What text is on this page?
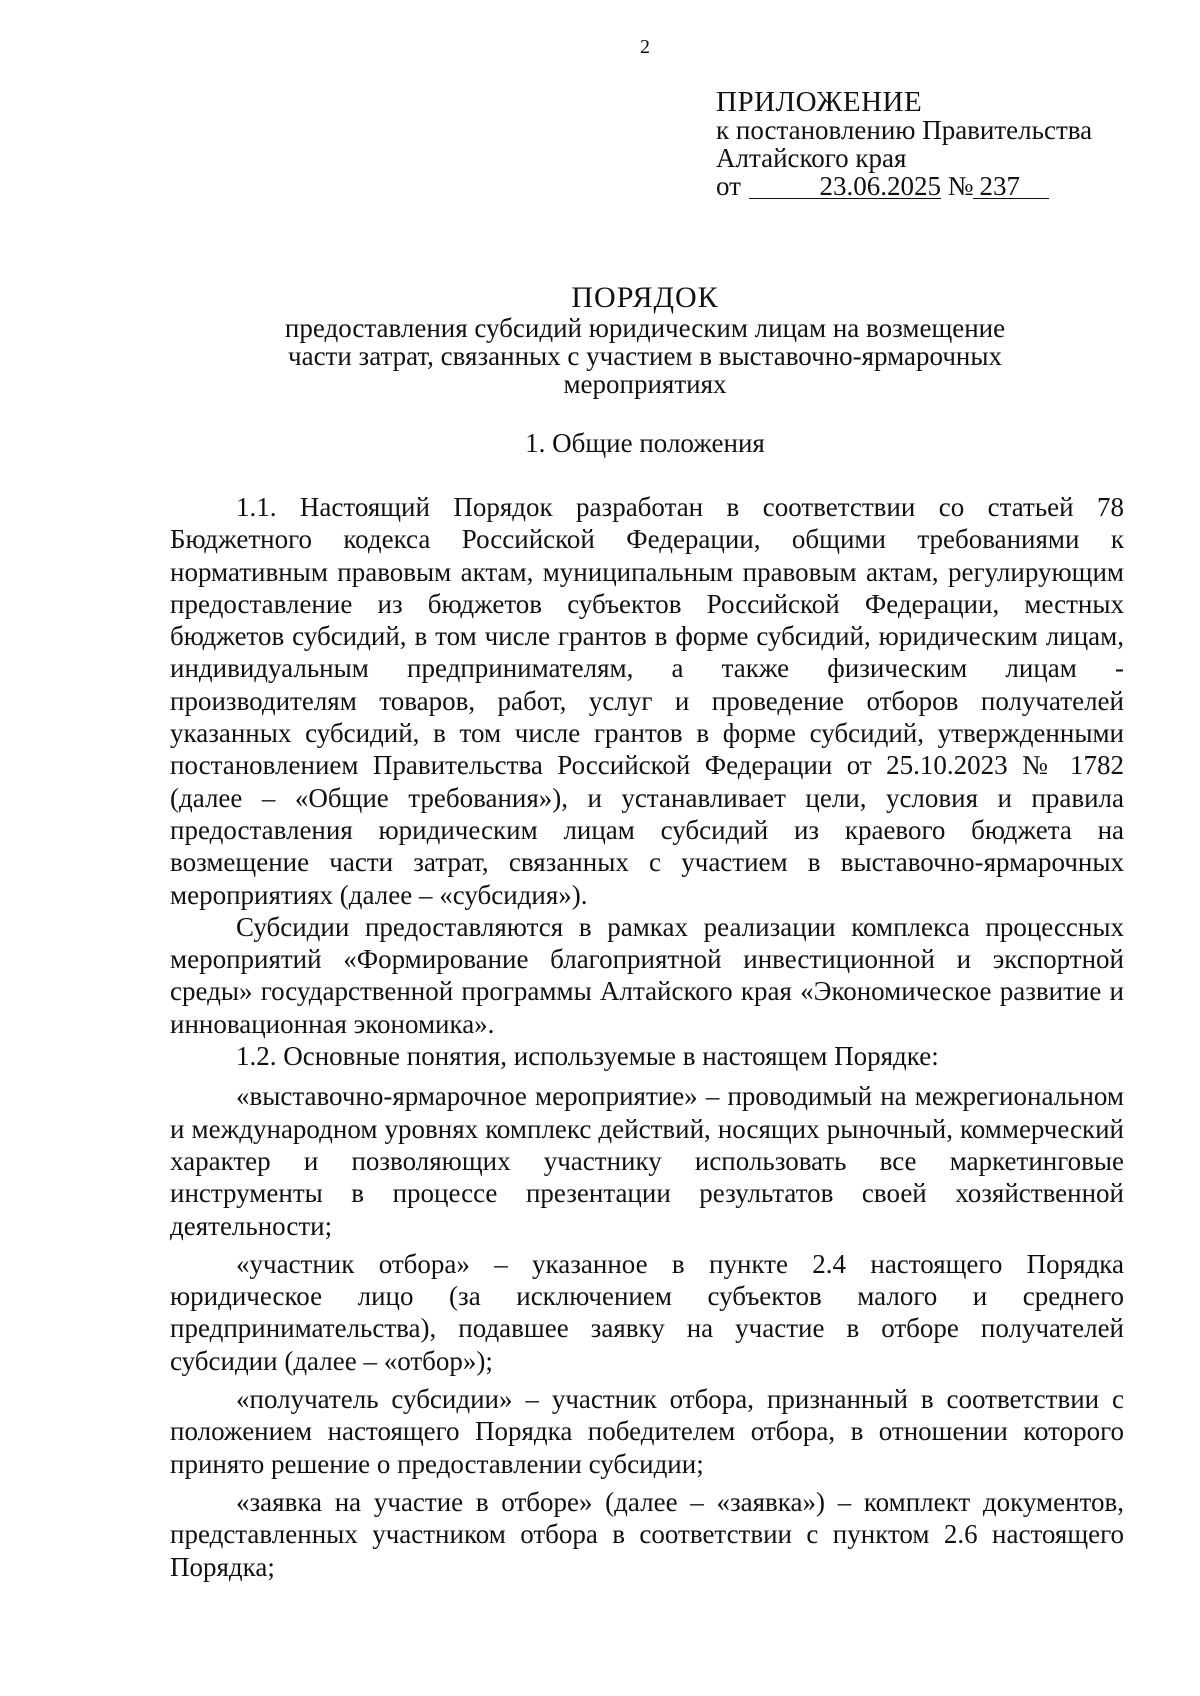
2
ПРИЛОЖЕНИЕ
к постановлению Правительства
Алтайского края
от	23.06.2025 № 237
ПОРЯДОК
предоставления субсидий юридическим лицам на возмещение
части затрат, связанных с участием в выставочно-ярмарочных
мероприятиях
1. Общие положения

1.1. Настоящий Порядок разработан в соответствии со статьей 78 Бюджетного кодекса Российской Федерации, общими требованиями к нормативным правовым актам, муниципальным правовым актам, регулирующим предоставление из бюджетов субъектов Российской Федерации, местных бюджетов субсидий, в том числе грантов в форме субсидий, юридическим лицам, индивидуальным предпринимателям, а также физическим лицам - производителям товаров, работ, услуг и проведение отборов получателей указанных субсидий, в том числе грантов в форме субсидий, утвержденными постановлением Правительства Российской Федерации от 25.10.2023 № 1782 (далее – «Общие требования»), и устанавливает цели, условия и правила предоставления юридическим лицам субсидий из краевого бюджета на возмещение части затрат, связанных с участием в выставочно-ярмарочных мероприятиях (далее – «субсидия»).

Субсидии предоставляются в рамках реализации комплекса процессных мероприятий «Формирование благоприятной инвестиционной и экспортной среды» государственной программы Алтайского края «Экономическое развитие и инновационная экономика».

1.2. Основные понятия, используемые в настоящем Порядке:

«выставочно-ярмарочное мероприятие» – проводимый на межрегиональном и международном уровнях комплекс действий, носящих рыночный, коммерческий характер и позволяющих участнику использовать все маркетинговые инструменты в процессе презентации результатов своей хозяйственной деятельности;

«участник отбора» – указанное в пункте 2.4 настоящего Порядка юридическое лицо (за исключением субъектов малого и среднего предпринимательства), подавшее заявку на участие в отборе получателей субсидии (далее – «отбор»);

«получатель субсидии» – участник отбора, признанный в соответствии с положением настоящего Порядка победителем отбора, в отношении которого принято решение о предоставлении субсидии;

«заявка на участие в отборе» (далее – «заявка») – комплект документов, представленных участником отбора в соответствии с пунктом 2.6 настоящего Порядка;
